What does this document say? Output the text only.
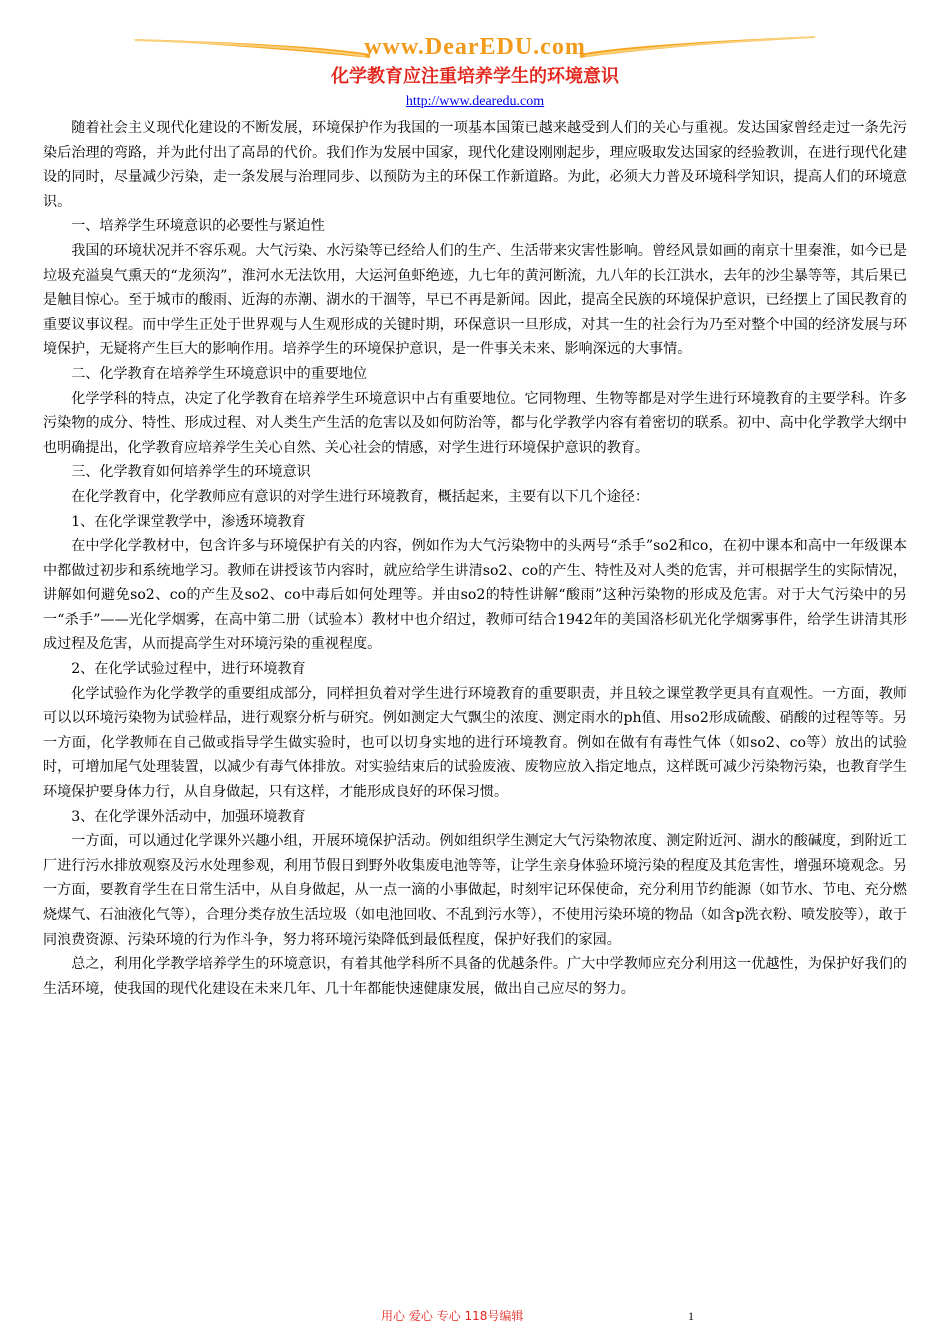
www.DearEDU.com
化学教育应注重培养学生的环境意识
http://www.dearedu.com

随着社会主义现代化建设的不断发展，环境保护作为我国的一项基本国策已越来越受到人们的关心与重视。发达国家曾经走过一条先污染后治理的弯路，并为此付出了高昂的代价。我们作为发展中国家，现代化建设刚刚起步，理应吸取发达国家的经验教训，在进行现代化建设的同时，尽量减少污染，走一条发展与治理同步、以预防为主的环保工作新道路。为此，必须大力普及环境科学知识，提高人们的环境意识。

一、培养学生环境意识的必要性与紧迫性

我国的环境状况并不容乐观。大气污染、水污染等已经给人们的生产、生活带来灾害性影响。曾经风景如画的南京十里秦淮，如今已是垃圾充溢臭气熏天的“龙须沟”，淮河水无法饮用，大运河鱼虾绝迹，九七年的黄河断流，九八年的长江洪水，去年的沙尘暴等等，其后果已是触目惊心。至于城市的酸雨、近海的赤潮、湖水的干涸等，早已不再是新闻。因此，提高全民族的环境保护意识，已经摆上了国民教育的重要议事议程。而中学生正处于世界观与人生观形成的关键时期，环保意识一旦形成，对其一生的社会行为乃至对整个中国的经济发展与环境保护，无疑将产生巨大的影响作用。培养学生的环境保护意识，是一件事关未来、影响深远的大事情。

二、化学教育在培养学生环境意识中的重要地位

化学学科的特点，决定了化学教育在培养学生环境意识中占有重要地位。它同物理、生物等都是对学生进行环境教育的主要学科。许多污染物的成分、特性、形成过程、对人类生产生活的危害以及如何防治等，都与化学教学内容有着密切的联系。初中、高中化学教学大纲中也明确提出，化学教育应培养学生关心自然、关心社会的情感，对学生进行环境保护意识的教育。

三、化学教育如何培养学生的环境意识

在化学教育中，化学教师应有意识的对学生进行环境教育，概括起来，主要有以下几个途径：

1、在化学课堂教学中，渗透环境教育

在中学化学教材中，包含许多与环境保护有关的内容，例如作为大气污染物中的头两号“杀手”so2和co，在初中课本和高中一年级课本中都做过初步和系统地学习。教师在讲授该节内容时，就应给学生讲清so2、co的产生、特性及对人类的危害，并可根据学生的实际情况，讲解如何避免so2、co的产生及so2、co中毒后如何处理等。并由so2的特性讲解“酸雨”这种污染物的形成及危害。对于大气污染中的另一“杀手”——光化学烟雾，在高中第二册（试验本）教材中也介绍过，教师可结合1942年的美国洛杉矶光化学烟雾事件，给学生讲清其形成过程及危害，从而提高学生对环境污染的重视程度。

2、在化学试验过程中，进行环境教育

化学试验作为化学教学的重要组成部分，同样担负着对学生进行环境教育的重要职责，并且较之课堂教学更具有直观性。一方面，教师可以以环境污染物为试验样品，进行观察分析与研究。例如测定大气飘尘的浓度、测定雨水的ph值、用so2形成硫酸、硝酸的过程等等。另一方面，化学教师在自己做或指导学生做实验时，也可以切身实地的进行环境教育。例如在做有有毒性气体（如so2、co等）放出的试验时，可增加尾气处理装置，以减少有毒气体排放。对实验结束后的试验废液、废物应放入指定地点，这样既可减少污染物污染，也教育学生环境保护要身体力行，从自身做起，只有这样，才能形成良好的环保习惯。

3、在化学课外活动中，加强环境教育

一方面，可以通过化学课外兴趣小组，开展环境保护活动。例如组织学生测定大气污染物浓度、测定附近河、湖水的酸碱度，到附近工厂进行污水排放观察及污水处理参观，利用节假日到野外收集废电池等等，让学生亲身体验环境污染的程度及其危害性，增强环境观念。另一方面，要教育学生在日常生活中，从自身做起，从一点一滴的小事做起，时刻牢记环保使命，充分利用节约能源（如节水、节电、充分燃烧煤气、石油液化气等），合理分类存放生活垃圾（如电池回收、不乱到污水等），不使用污染环境的物品（如含p洗衣粉、喷发胶等），敢于同浪费资源、污染环境的行为作斗争，努力将环境污染降低到最低程度，保护好我们的家园。

总之，利用化学教学培养学生的环境意识，有着其他学科所不具备的优越条件。广大中学教师应充分利用这一优越性，为保护好我们的生活环境，使我国的现代化建设在未来几年、几十年都能快速健康发展，做出自己应尽的努力。

用心 爱心 专心 118号编辑	1
